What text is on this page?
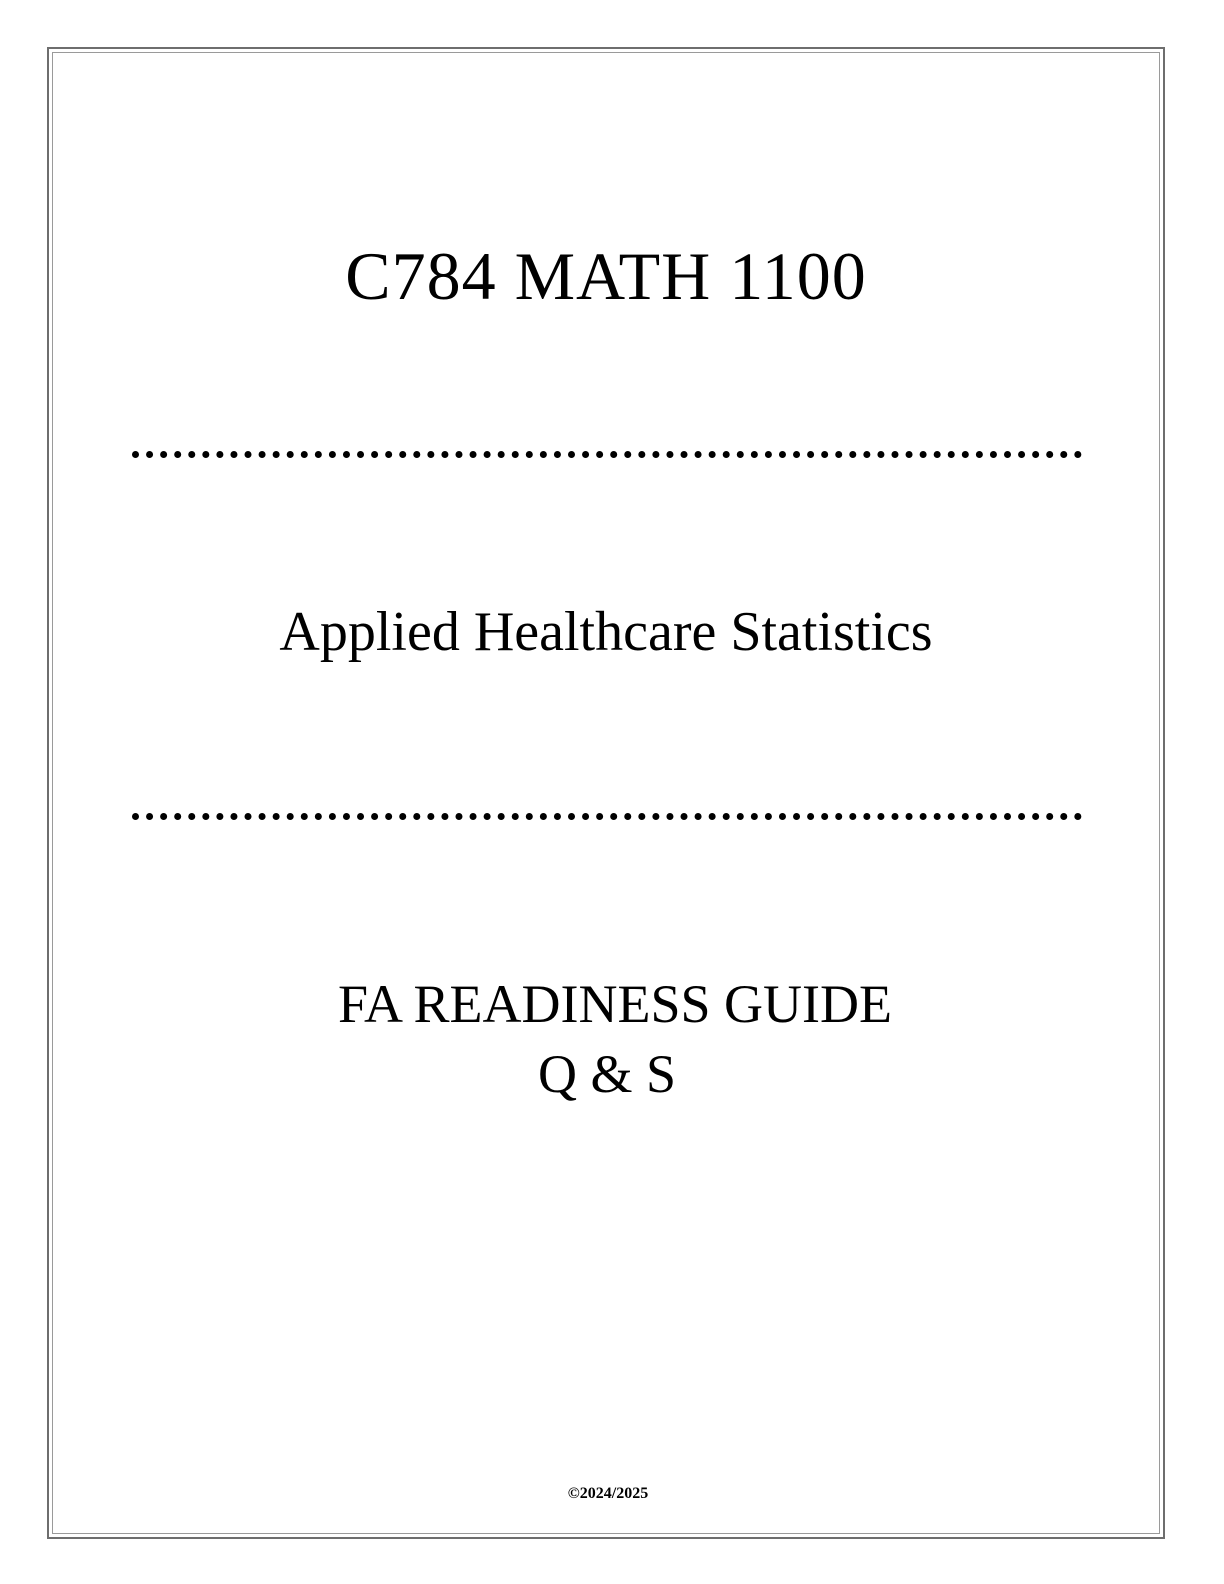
C784 MATH 1100
Applied Healthcare Statistics
FA READINESS GUIDE
Q & S
©2024/2025
